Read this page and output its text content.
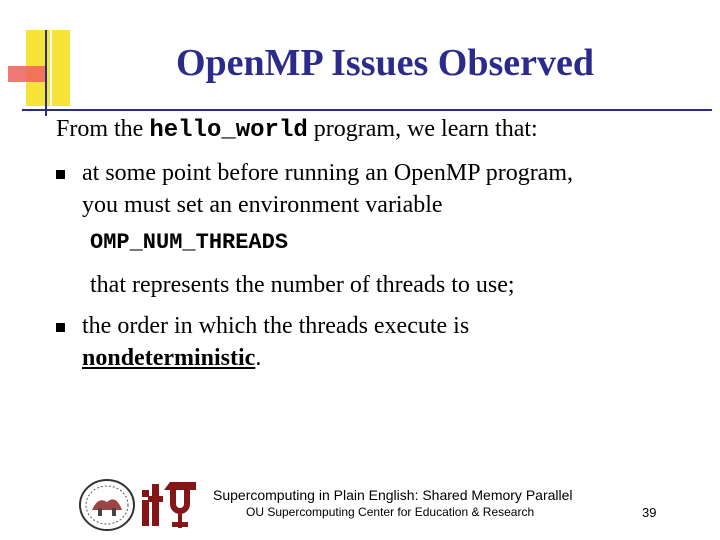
OpenMP Issues Observed
From the hello_world program, we learn that:
at some point before running an OpenMP program,
you must set an environment variable
OMP_NUM_THREADS
that represents the number of threads to use;
the order in which the threads execute is
nondeterministic.
Supercomputing in Plain English: Shared Memory Parallel
OU Supercomputing Center for Education & Research	39
